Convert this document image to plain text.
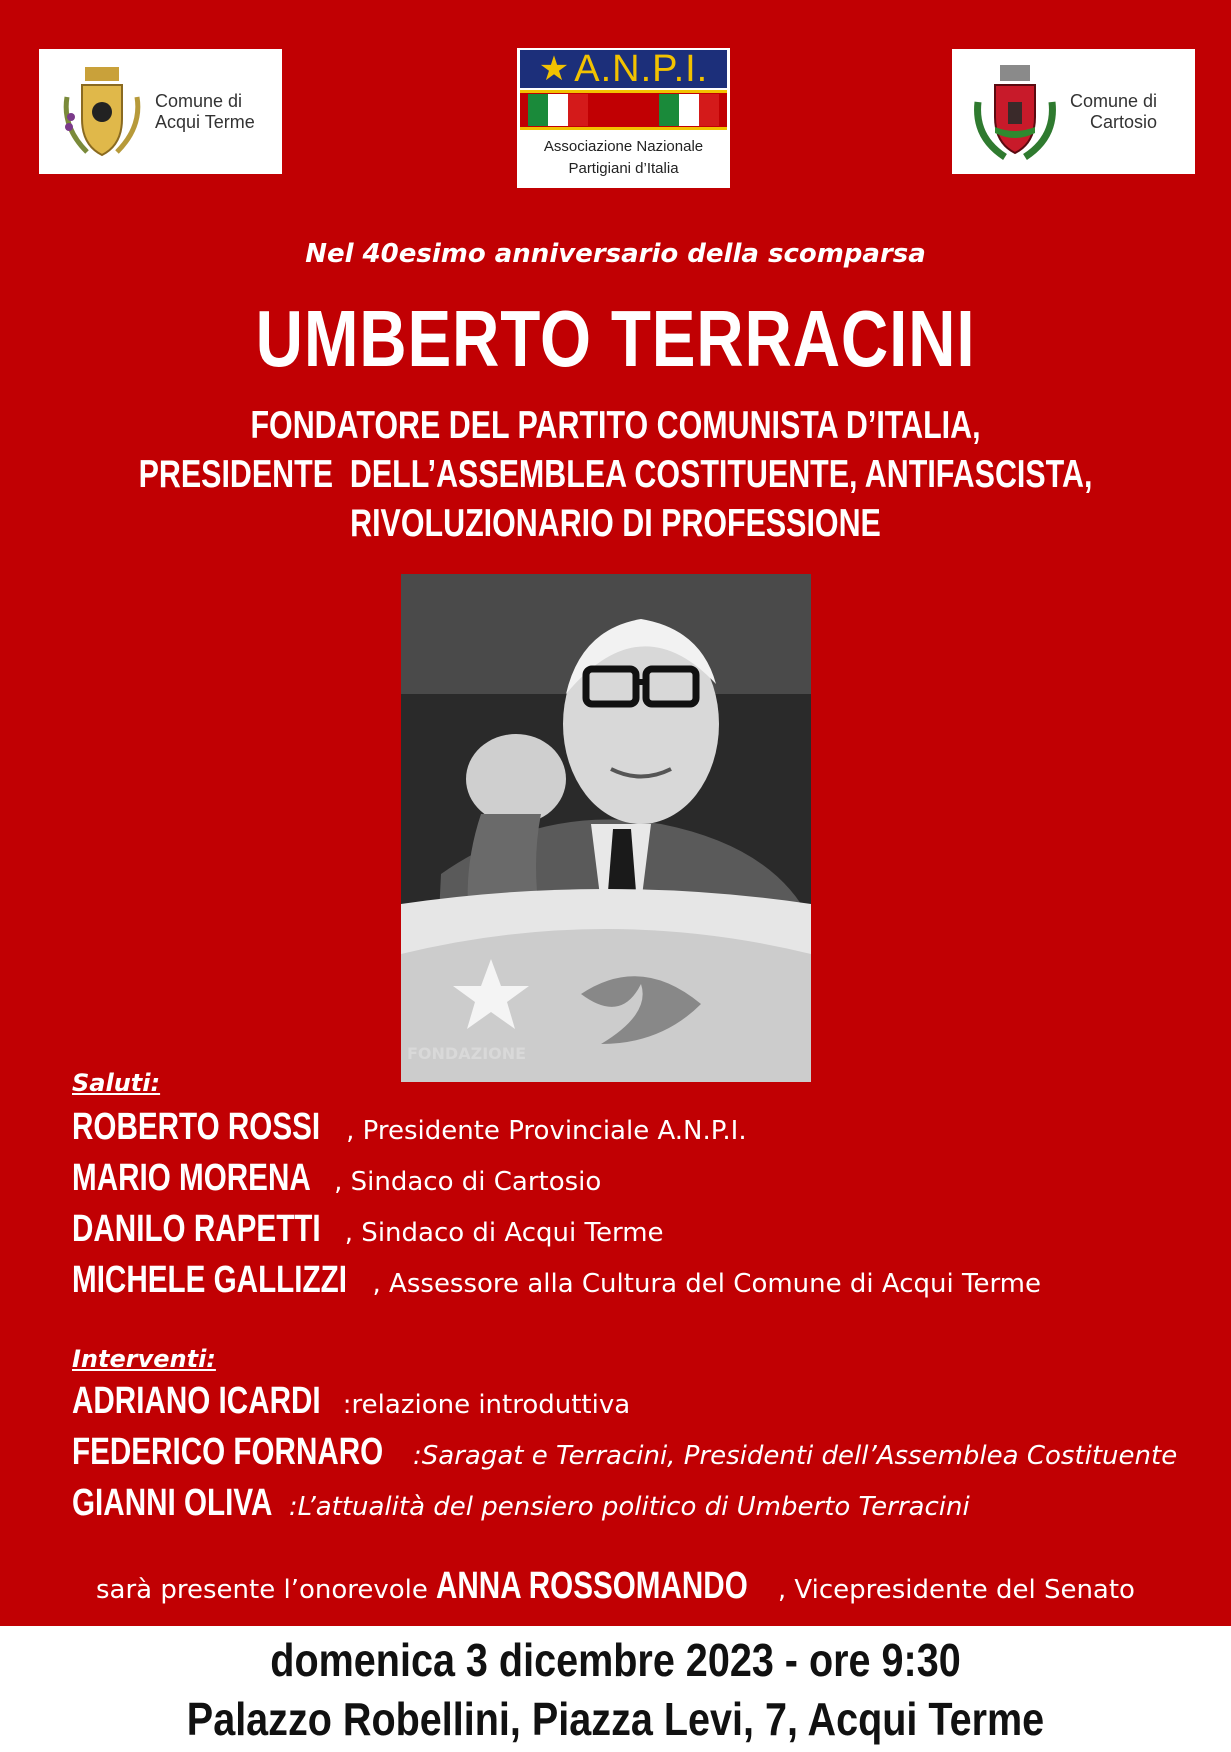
Comune di
Acqui Terme
★ A.N.P.I.
Associazione Nazionale
Partigiani d’Italia
Comune di
Cartosio
Nel 40esimo anniversario della scomparsa
UMBERTO TERRACINI
FONDATORE DEL PARTITO COMUNISTA D’ITALIA,
PRESIDENTE  DELL’ASSEMBLEA COSTITUENTE, ANTIFASCISTA,
RIVOLUZIONARIO DI PROFESSIONE
FONDAZIONE
Saluti:
ROBERTO ROSSI , Presidente Provinciale A.N.P.I.
MARIO MORENA , Sindaco di Cartosio
DANILO RAPETTI , Sindaco di Acqui Terme
MICHELE GALLIZZI , Assessore alla Cultura del Comune di Acqui Terme
Interventi:
ADRIANO ICARDI : relazione introduttiva
FEDERICO FORNARO : Saragat e Terracini, Presidenti dell’Assemblea Costituente
GIANNI OLIVA : L’attualità del pensiero politico di Umberto Terracini
sarà presente l’onorevole ANNA ROSSOMANDO , Vicepresidente del Senato
domenica 3 dicembre 2023 - ore 9:30
Palazzo Robellini, Piazza Levi, 7, Acqui Terme
